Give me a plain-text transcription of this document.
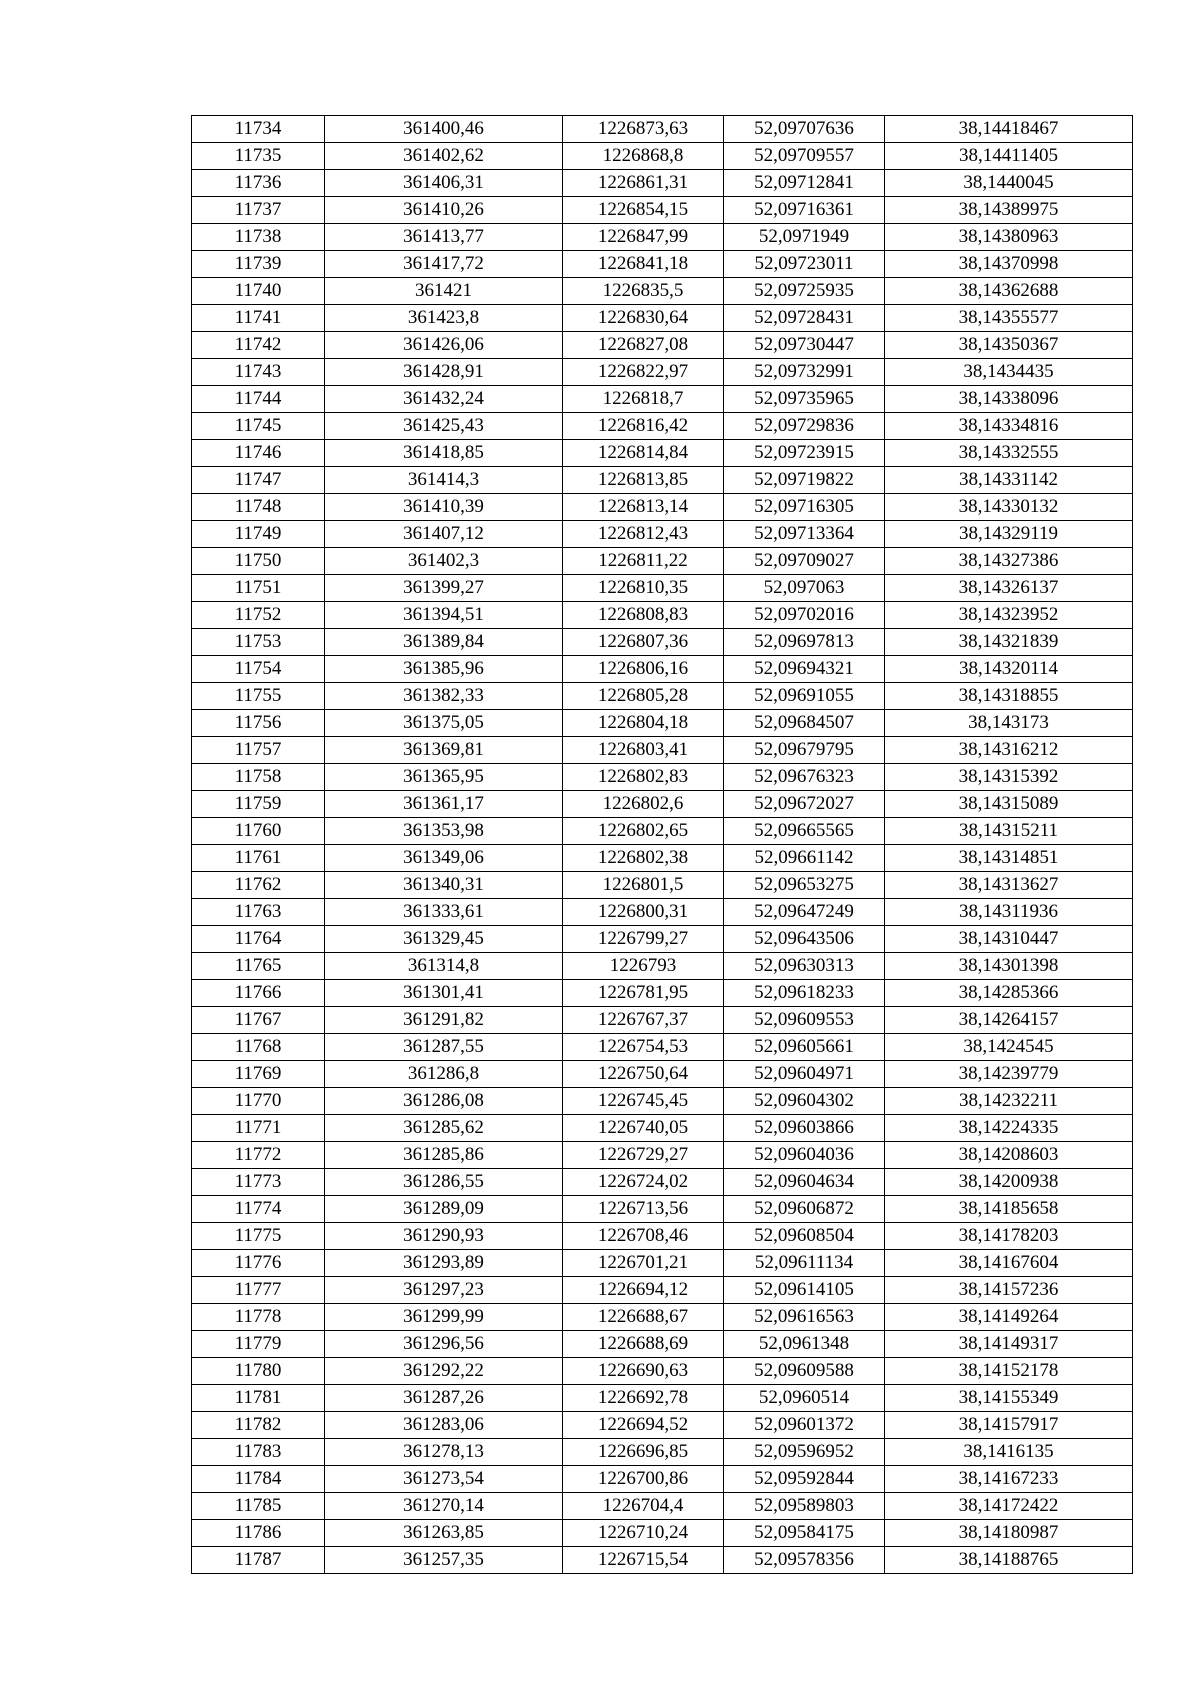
11734	361400,46	1226873,63	52,09707636	38,14418467
11735	361402,62	1226868,8	52,09709557	38,14411405
11736	361406,31	1226861,31	52,09712841	38,1440045
11737	361410,26	1226854,15	52,09716361	38,14389975
11738	361413,77	1226847,99	52,0971949	38,14380963
11739	361417,72	1226841,18	52,09723011	38,14370998
11740	361421	1226835,5	52,09725935	38,14362688
11741	361423,8	1226830,64	52,09728431	38,14355577
11742	361426,06	1226827,08	52,09730447	38,14350367
11743	361428,91	1226822,97	52,09732991	38,1434435
11744	361432,24	1226818,7	52,09735965	38,14338096
11745	361425,43	1226816,42	52,09729836	38,14334816
11746	361418,85	1226814,84	52,09723915	38,14332555
11747	361414,3	1226813,85	52,09719822	38,14331142
11748	361410,39	1226813,14	52,09716305	38,14330132
11749	361407,12	1226812,43	52,09713364	38,14329119
11750	361402,3	1226811,22	52,09709027	38,14327386
11751	361399,27	1226810,35	52,097063	38,14326137
11752	361394,51	1226808,83	52,09702016	38,14323952
11753	361389,84	1226807,36	52,09697813	38,14321839
11754	361385,96	1226806,16	52,09694321	38,14320114
11755	361382,33	1226805,28	52,09691055	38,14318855
11756	361375,05	1226804,18	52,09684507	38,143173
11757	361369,81	1226803,41	52,09679795	38,14316212
11758	361365,95	1226802,83	52,09676323	38,14315392
11759	361361,17	1226802,6	52,09672027	38,14315089
11760	361353,98	1226802,65	52,09665565	38,14315211
11761	361349,06	1226802,38	52,09661142	38,14314851
11762	361340,31	1226801,5	52,09653275	38,14313627
11763	361333,61	1226800,31	52,09647249	38,14311936
11764	361329,45	1226799,27	52,09643506	38,14310447
11765	361314,8	1226793	52,09630313	38,14301398
11766	361301,41	1226781,95	52,09618233	38,14285366
11767	361291,82	1226767,37	52,09609553	38,14264157
11768	361287,55	1226754,53	52,09605661	38,1424545
11769	361286,8	1226750,64	52,09604971	38,14239779
11770	361286,08	1226745,45	52,09604302	38,14232211
11771	361285,62	1226740,05	52,09603866	38,14224335
11772	361285,86	1226729,27	52,09604036	38,14208603
11773	361286,55	1226724,02	52,09604634	38,14200938
11774	361289,09	1226713,56	52,09606872	38,14185658
11775	361290,93	1226708,46	52,09608504	38,14178203
11776	361293,89	1226701,21	52,09611134	38,14167604
11777	361297,23	1226694,12	52,09614105	38,14157236
11778	361299,99	1226688,67	52,09616563	38,14149264
11779	361296,56	1226688,69	52,0961348	38,14149317
11780	361292,22	1226690,63	52,09609588	38,14152178
11781	361287,26	1226692,78	52,0960514	38,14155349
11782	361283,06	1226694,52	52,09601372	38,14157917
11783	361278,13	1226696,85	52,09596952	38,1416135
11784	361273,54	1226700,86	52,09592844	38,14167233
11785	361270,14	1226704,4	52,09589803	38,14172422
11786	361263,85	1226710,24	52,09584175	38,14180987
11787	361257,35	1226715,54	52,09578356	38,14188765
